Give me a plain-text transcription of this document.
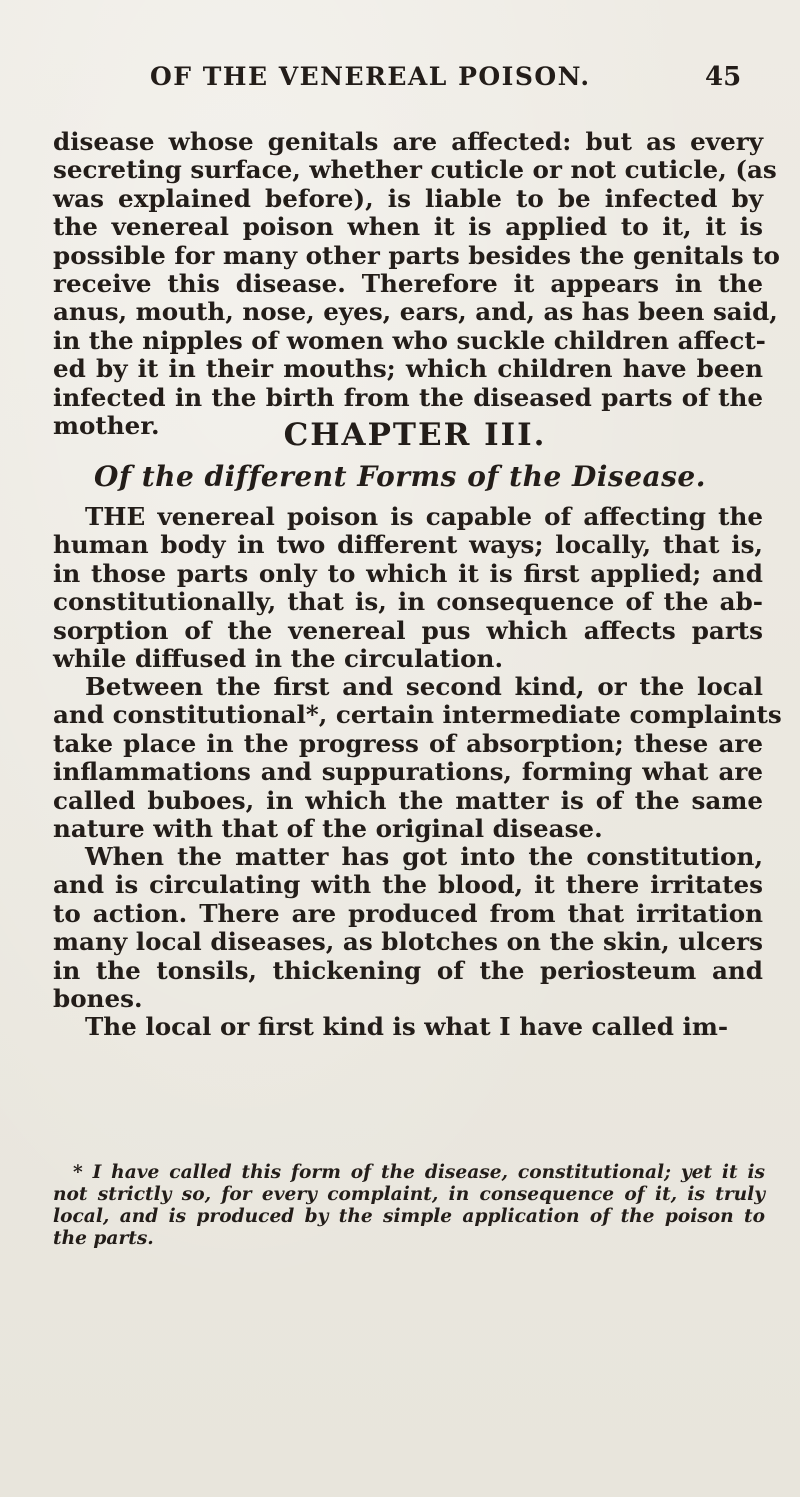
OF THE VENEREAL POISON.	45
disease whose genitals are affected: but as every
secreting surface, whether cuticle or not cuticle, (as
was explained before), is liable to be infected by
the venereal poison when it is applied to it, it is
possible for many other parts besides the genitals to
receive this disease. Therefore it appears in the
anus, mouth, nose, eyes, ears, and, as has been said,
in the nipples of women who suckle children affect-
ed by it in their mouths; which children have been
infected in the birth from the diseased parts of the
mother.	CHAPTER III.
Of the different Forms of the Disease.
THE venereal poison is capable of affecting the
human body in two different ways; locally, that is,
in those parts only to which it is first applied; and
constitutionally, that is, in consequence of the ab-
sorption of the venereal pus which affects parts
while diffused in the circulation.
Between the first and second kind, or the local
and constitutional*, certain intermediate complaints
take place in the progress of absorption; these are
inflammations and suppurations, forming what are
called buboes, in which the matter is of the same
nature with that of the original disease.
When the matter has got into the constitution,
and is circulating with the blood, it there irritates
to action. There are produced from that irritation
many local diseases, as blotches on the skin, ulcers
in the tonsils, thickening of the periosteum and
bones.
The local or first kind is what I have called im-
* I have called this form of the disease, constitutional; yet it is
not strictly so, for every complaint, in consequence of it, is truly
local, and is produced by the simple application of the poison to
the parts.
